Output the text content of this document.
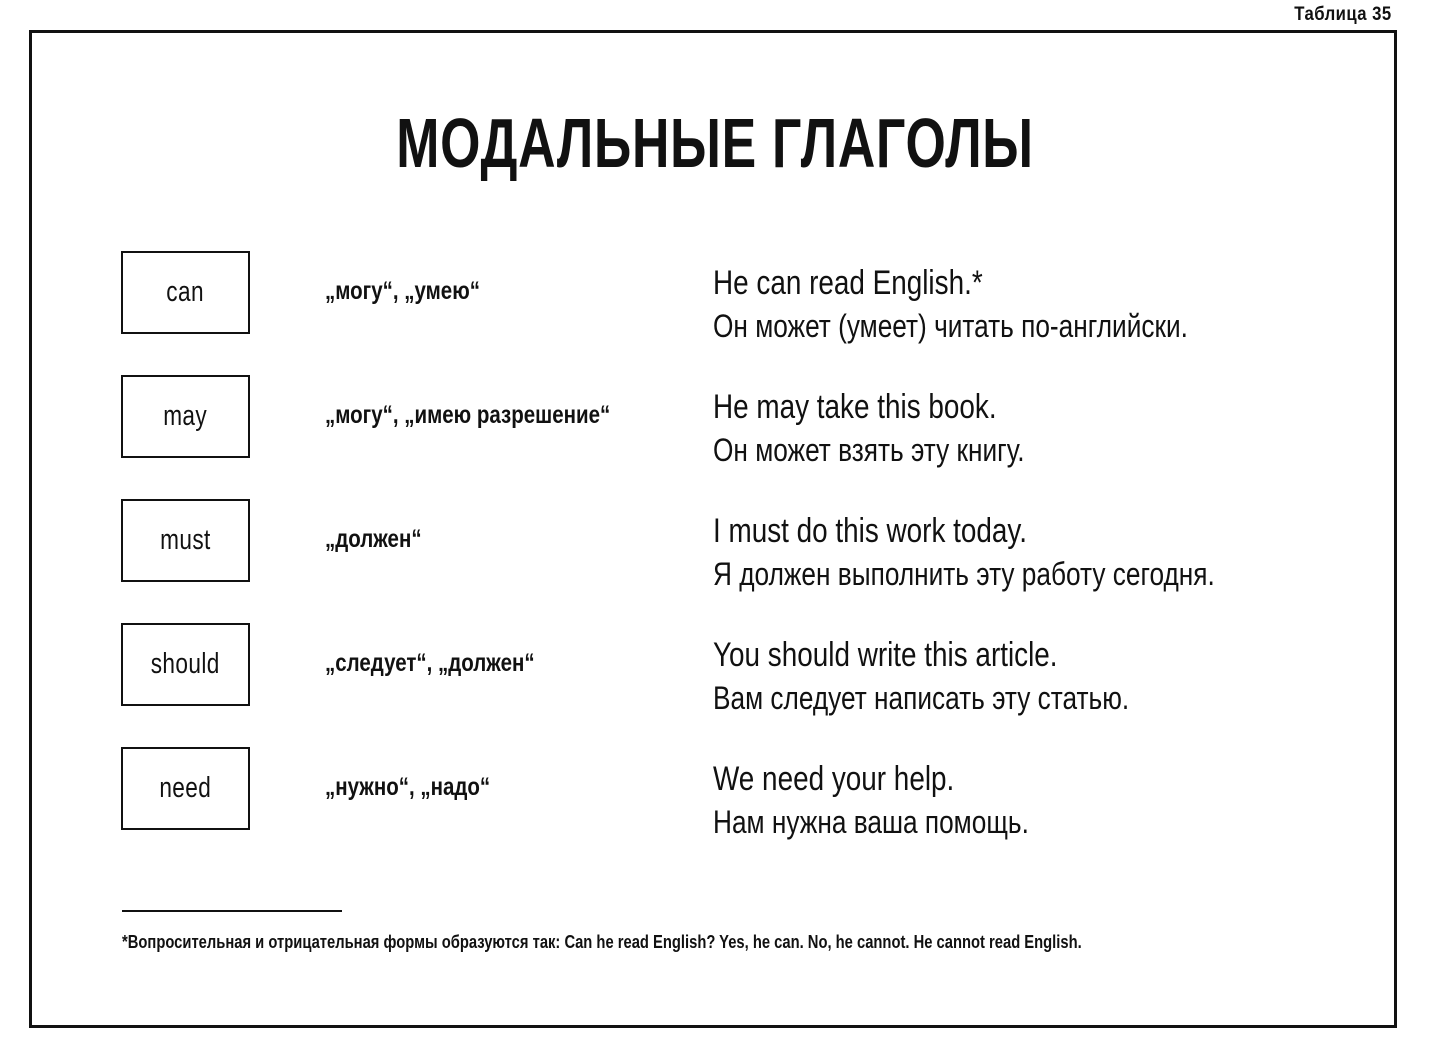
Таблица 35
МОДАЛЬНЫЕ ГЛАГОЛЫ
can	„могу“, „умею“	He can read English.*
Он может (умеет) читать по-английски.
may	„могу“, „имею разрешение“	He may take this book.
Он может взять эту книгу.
must	„должен“	I must do this work today.
Я должен выполнить эту работу сегодня.
should	„следует“, „должен“	You should write this article.
Вам следует написать эту статью.
need	„нужно“, „надо“	We need your help.
Нам нужна ваша помощь.
*Вопросительная и отрицательная формы образуются так: Can he read English? Yes, he can. No, he cannot. He cannot read English.
